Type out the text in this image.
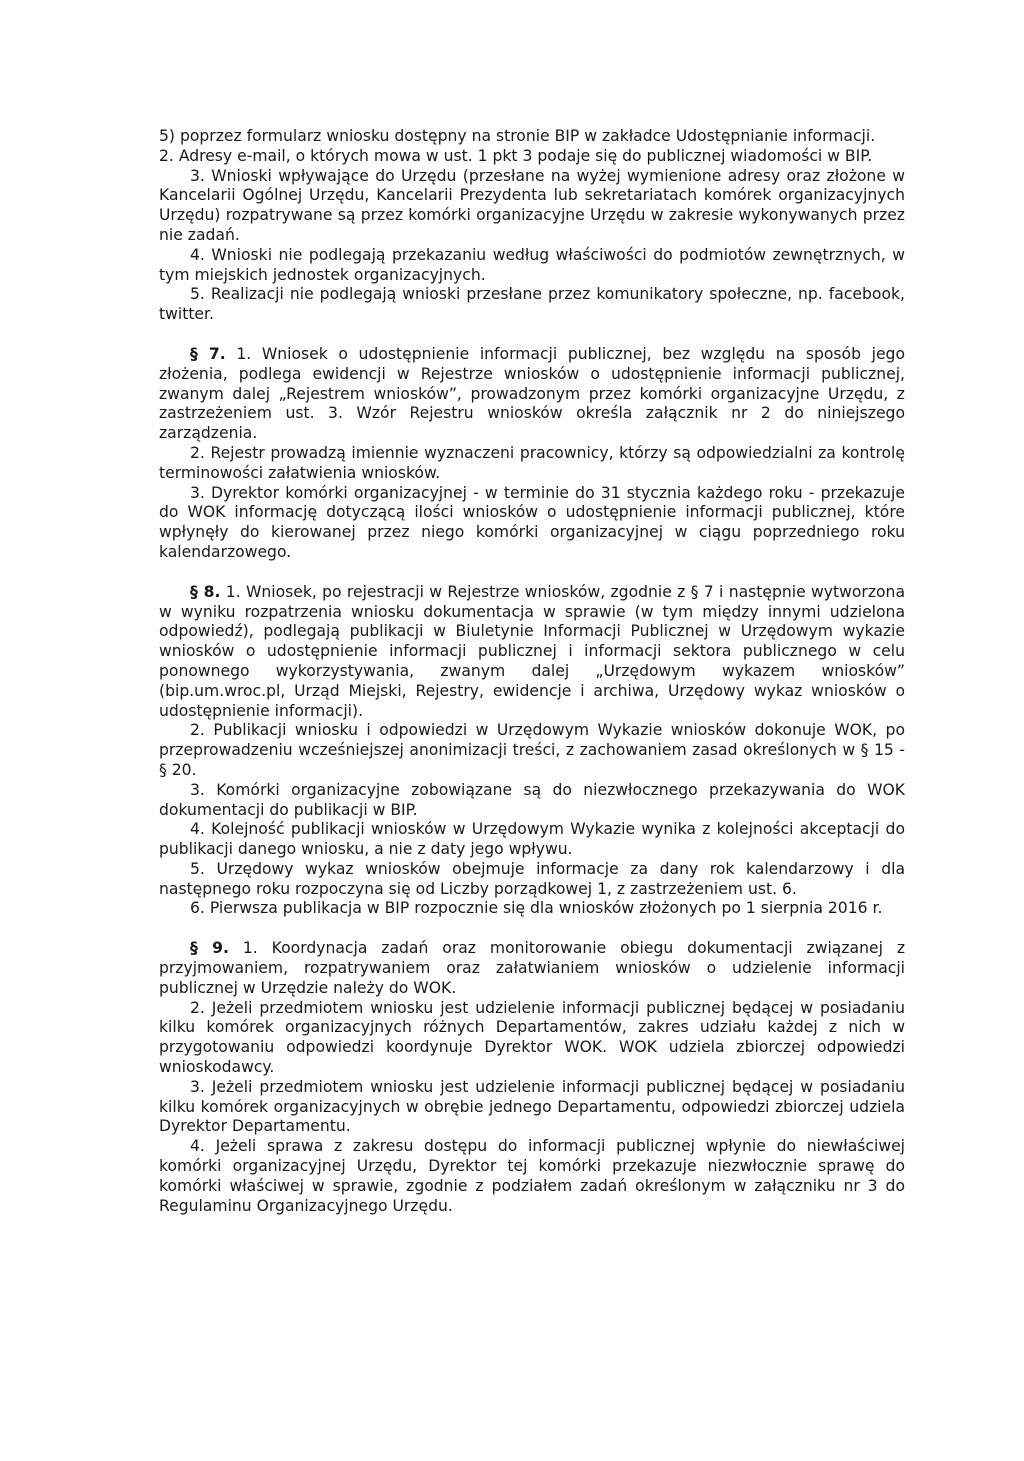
5) poprzez formularz wniosku dostępny na stronie BIP w zakładce Udostępnianie informacji.

2. Adresy e-mail, o których mowa w ust. 1 pkt 3 podaje się do publicznej wiadomości w BIP.

3. Wnioski wpływające do Urzędu (przesłane na wyżej wymienione adresy oraz złożone w Kancelarii Ogólnej Urzędu, Kancelarii Prezydenta lub sekretariatach komórek organizacyjnych Urzędu) rozpatrywane są przez komórki organizacyjne Urzędu w zakresie wykonywanych przez nie zadań.

4. Wnioski nie podlegają przekazaniu według właściwości do podmiotów zewnętrznych, w tym miejskich jednostek organizacyjnych.

5. Realizacji nie podlegają wnioski przesłane przez komunikatory społeczne, np. facebook, twitter.

§ 7. 1. Wniosek o udostępnienie informacji publicznej, bez względu na sposób jego złożenia, podlega ewidencji w Rejestrze wniosków o udostępnienie informacji publicznej, zwanym dalej „Rejestrem wniosków”, prowadzonym przez komórki organizacyjne Urzędu, z zastrzeżeniem ust. 3. Wzór Rejestru wniosków określa załącznik nr 2 do niniejszego zarządzenia.

2. Rejestr prowadzą imiennie wyznaczeni pracownicy, którzy są odpowiedzialni za kontrolę terminowości załatwienia wniosków.

3. Dyrektor komórki organizacyjnej - w terminie do 31 stycznia każdego roku - przekazuje do WOK informację dotyczącą ilości wniosków o udostępnienie informacji publicznej, które wpłynęły do kierowanej przez niego komórki organizacyjnej w ciągu poprzedniego roku kalendarzowego.

§ 8. 1. Wniosek, po rejestracji w Rejestrze wniosków, zgodnie z § 7 i następnie wytworzona w wyniku rozpatrzenia wniosku dokumentacja w sprawie (w tym między innymi udzielona odpowiedź), podlegają publikacji w Biuletynie Informacji Publicznej w Urzędowym wykazie wniosków o udostępnienie informacji publicznej i informacji sektora publicznego w celu ponownego wykorzystywania, zwanym dalej „Urzędowym wykazem wniosków” (bip.um.wroc.pl, Urząd Miejski, Rejestry, ewidencje i archiwa, Urzędowy wykaz wniosków o udostępnienie informacji).

2. Publikacji wniosku i odpowiedzi w Urzędowym Wykazie wniosków dokonuje WOK, po przeprowadzeniu wcześniejszej anonimizacji treści, z zachowaniem zasad określonych w § 15 - § 20.

3. Komórki organizacyjne zobowiązane są do niezwłocznego przekazywania do WOK dokumentacji do publikacji w BIP.

4. Kolejność publikacji wniosków w Urzędowym Wykazie wynika z kolejności akceptacji do publikacji danego wniosku, a nie z daty jego wpływu.

5. Urzędowy wykaz wniosków obejmuje informacje za dany rok kalendarzowy i dla następnego roku rozpoczyna się od Liczby porządkowej 1, z zastrzeżeniem ust. 6.

6. Pierwsza publikacja w BIP rozpocznie się dla wniosków złożonych po 1 sierpnia 2016 r.

§ 9. 1. Koordynacja zadań oraz monitorowanie obiegu dokumentacji związanej z przyjmowaniem, rozpatrywaniem oraz załatwianiem wniosków o udzielenie informacji publicznej w Urzędzie należy do WOK.

2. Jeżeli przedmiotem wniosku jest udzielenie informacji publicznej będącej w posiadaniu kilku komórek organizacyjnych różnych Departamentów, zakres udziału każdej z nich w przygotowaniu odpowiedzi koordynuje Dyrektor WOK. WOK udziela zbiorczej odpowiedzi wnioskodawcy.

3. Jeżeli przedmiotem wniosku jest udzielenie informacji publicznej będącej w posiadaniu kilku komórek organizacyjnych w obrębie jednego Departamentu, odpowiedzi zbiorczej udziela Dyrektor Departamentu.

4. Jeżeli sprawa z zakresu dostępu do informacji publicznej wpłynie do niewłaściwej komórki organizacyjnej Urzędu, Dyrektor tej komórki przekazuje niezwłocznie sprawę do komórki właściwej w sprawie, zgodnie z podziałem zadań określonym w załączniku nr 3 do Regulaminu Organizacyjnego Urzędu.
